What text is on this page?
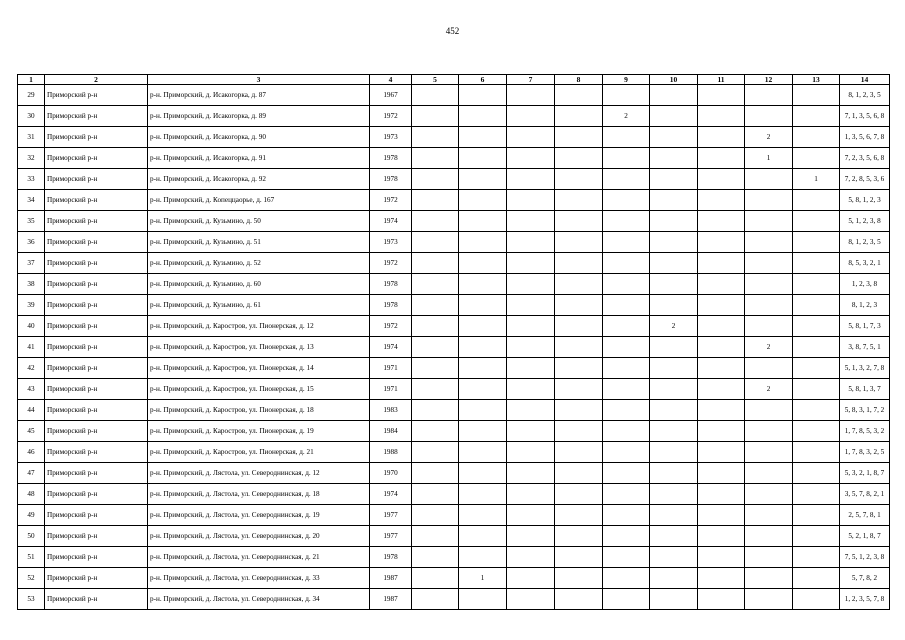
452
1	2	3	4	5	6	7	8	9	10	11	12	13	14
29	Приморский р-н	р-н. Приморский, д. Исакогорка, д. 87	1967										8, 1, 2, 3, 5
30	Приморский р-н	р-н. Приморский, д. Исакогорка, д. 89	1972					2					7, 1, 3, 5, 6, 8
31	Приморский р-н	р-н. Приморский, д. Исакогорка, д. 90	1973								2		1, 3, 5, 6, 7, 8
32	Приморский р-н	р-н. Приморский, д. Исакогорка, д. 91	1978								1		7, 2, 3, 5, 6, 8
33	Приморский р-н	р-н. Приморский, д. Исакогорка, д. 92	1978									1	7, 2, 8, 5, 3, 6
34	Приморский р-н	р-н. Приморский, д. Копеццаорье, д. 167	1972										5, 8, 1, 2, 3
35	Приморский р-н	р-н. Приморский, д. Кузьмино, д. 50	1974										5, 1, 2, 3, 8
36	Приморский р-н	р-н. Приморский, д. Кузьмино, д. 51	1973										8, 1, 2, 3, 5
37	Приморский р-н	р-н. Приморский, д. Кузьмино, д. 52	1972										8, 5, 3, 2, 1
38	Приморский р-н	р-н. Приморский, д. Кузьмино, д. 60	1978										1, 2, 3, 8
39	Приморский р-н	р-н. Приморский, д. Кузьмино, д. 61	1978										8, 1, 2, 3
40	Приморский р-н	р-н. Приморский, д. Каростров, ул. Пионерская, д. 12	1972						2				5, 8, 1, 7, 3
41	Приморский р-н	р-н. Приморский, д. Каростров, ул. Пионерская, д. 13	1974								2		3, 8, 7, 5, 1
42	Приморский р-н	р-н. Приморский, д. Каростров, ул. Пионерская, д. 14	1971										5, 1, 3, 2, 7, 8
43	Приморский р-н	р-н. Приморский, д. Каростров, ул. Пионерская, д. 15	1971								2		5, 8, 1, 3, 7
44	Приморский р-н	р-н. Приморский, д. Каростров, ул. Пионерская, д. 18	1983										5, 8, 3, 1, 7, 2
45	Приморский р-н	р-н. Приморский, д. Каростров, ул. Пионерская, д. 19	1984										1, 7, 8, 5, 3, 2
46	Приморский р-н	р-н. Приморский, д. Каростров, ул. Пионерская, д. 21	1988										1, 7, 8, 3, 2, 5
47	Приморский р-н	р-н. Приморский, д. Лястола, ул. Североднинская, д. 12	1970										5, 3, 2, 1, 8, 7
48	Приморский р-н	р-н. Приморский, д. Лястола, ул. Североднинская, д. 18	1974										3, 5, 7, 8, 2, 1
49	Приморский р-н	р-н. Приморский, д. Лястола, ул. Североднинская, д. 19	1977										2, 5, 7, 8, 1
50	Приморский р-н	р-н. Приморский, д. Лястола, ул. Североднинская, д. 20	1977										5, 2, 1, 8, 7
51	Приморский р-н	р-н. Приморский, д. Лястола, ул. Североднинская, д. 21	1978										7, 5, 1, 2, 3, 8
52	Приморский р-н	р-н. Приморский, д. Лястола, ул. Североднинская, д. 33	1987		1								5, 7, 8, 2
53	Приморский р-н	р-н. Приморский, д. Лястола, ул. Североднинская, д. 34	1987										1, 2, 3, 5, 7, 8
